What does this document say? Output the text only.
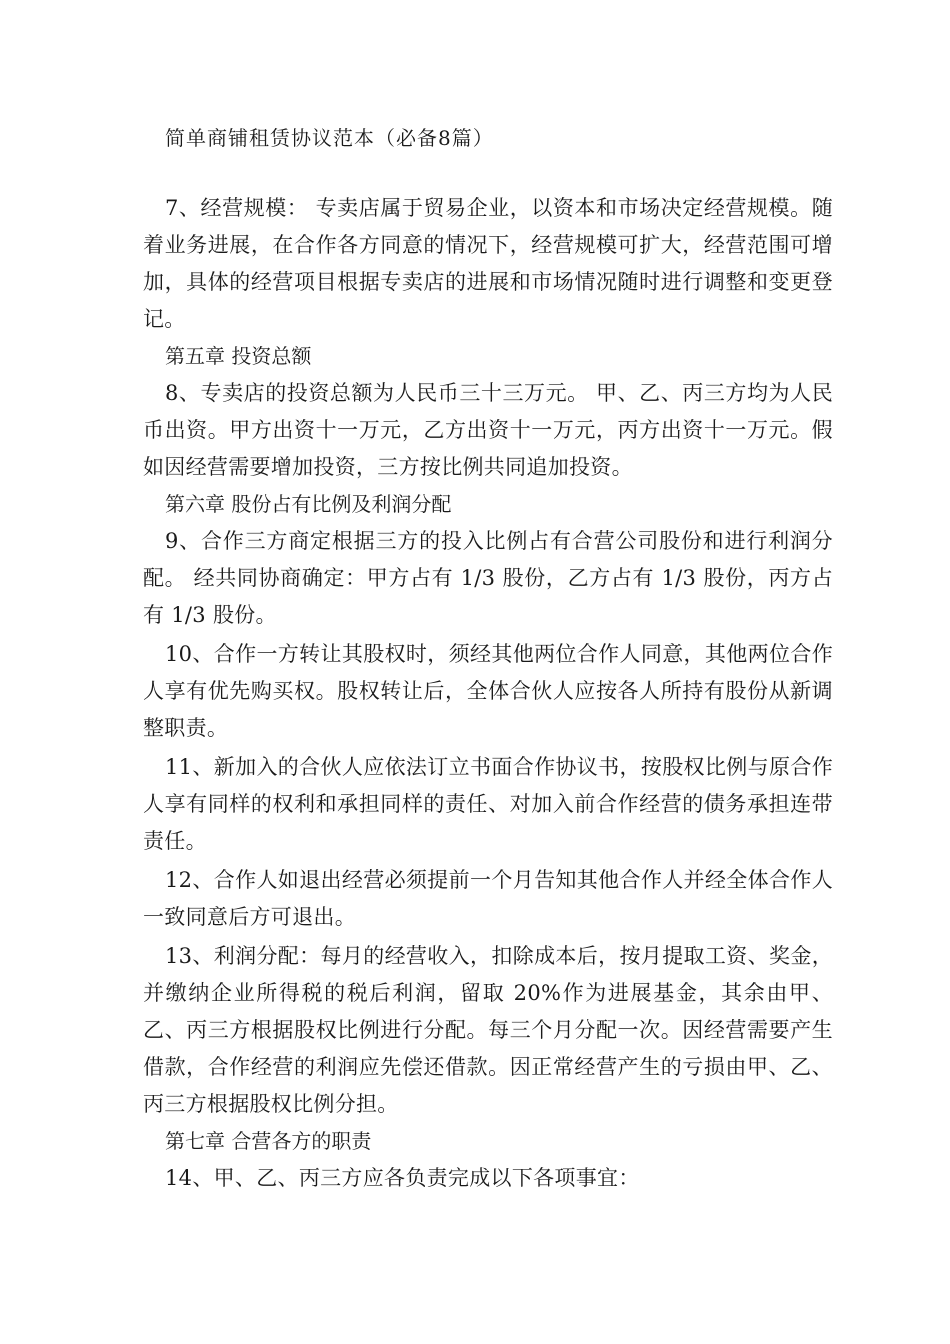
简单商铺租赁协议范本（必备8篇）

7、经营规模： 专卖店属于贸易企业，以资本和市场决定经营规模。随着业务进展，在合作各方同意的情况下，经营规模可扩大，经营范围可增加，具体的经营项目根据专卖店的进展和市场情况随时进行调整和变更登记。

第五章 投资总额

8、专卖店的投资总额为人民币三十三万元。 甲、乙、丙三方均为人民币出资。甲方出资十一万元，乙方出资十一万元，丙方出资十一万元。假如因经营需要增加投资，三方按比例共同追加投资。

第六章 股份占有比例及利润分配

9、合作三方商定根据三方的投入比例占有合营公司股份和进行利润分配。 经共同协商确定：甲方占有 1/3 股份，乙方占有 1/3 股份，丙方占有 1/3 股份。

10、合作一方转让其股权时，须经其他两位合作人同意，其他两位合作人享有优先购买权。股权转让后，全体合伙人应按各人所持有股份从新调整职责。

11、新加入的合伙人应依法订立书面合作协议书，按股权比例与原合作人享有同样的权利和承担同样的责任、对加入前合作经营的债务承担连带责任。

12、合作人如退出经营必须提前一个月告知其他合作人并经全体合作人一致同意后方可退出。

13、利润分配：每月的经营收入，扣除成本后，按月提取工资、奖金，并缴纳企业所得税的税后利润，留取 20%作为进展基金，其余由甲、乙、丙三方根据股权比例进行分配。每三个月分配一次。因经营需要产生借款，合作经营的利润应先偿还借款。因正常经营产生的亏损由甲、乙、丙三方根据股权比例分担。

第七章 合营各方的职责

14、甲、乙、丙三方应各负责完成以下各项事宜：
